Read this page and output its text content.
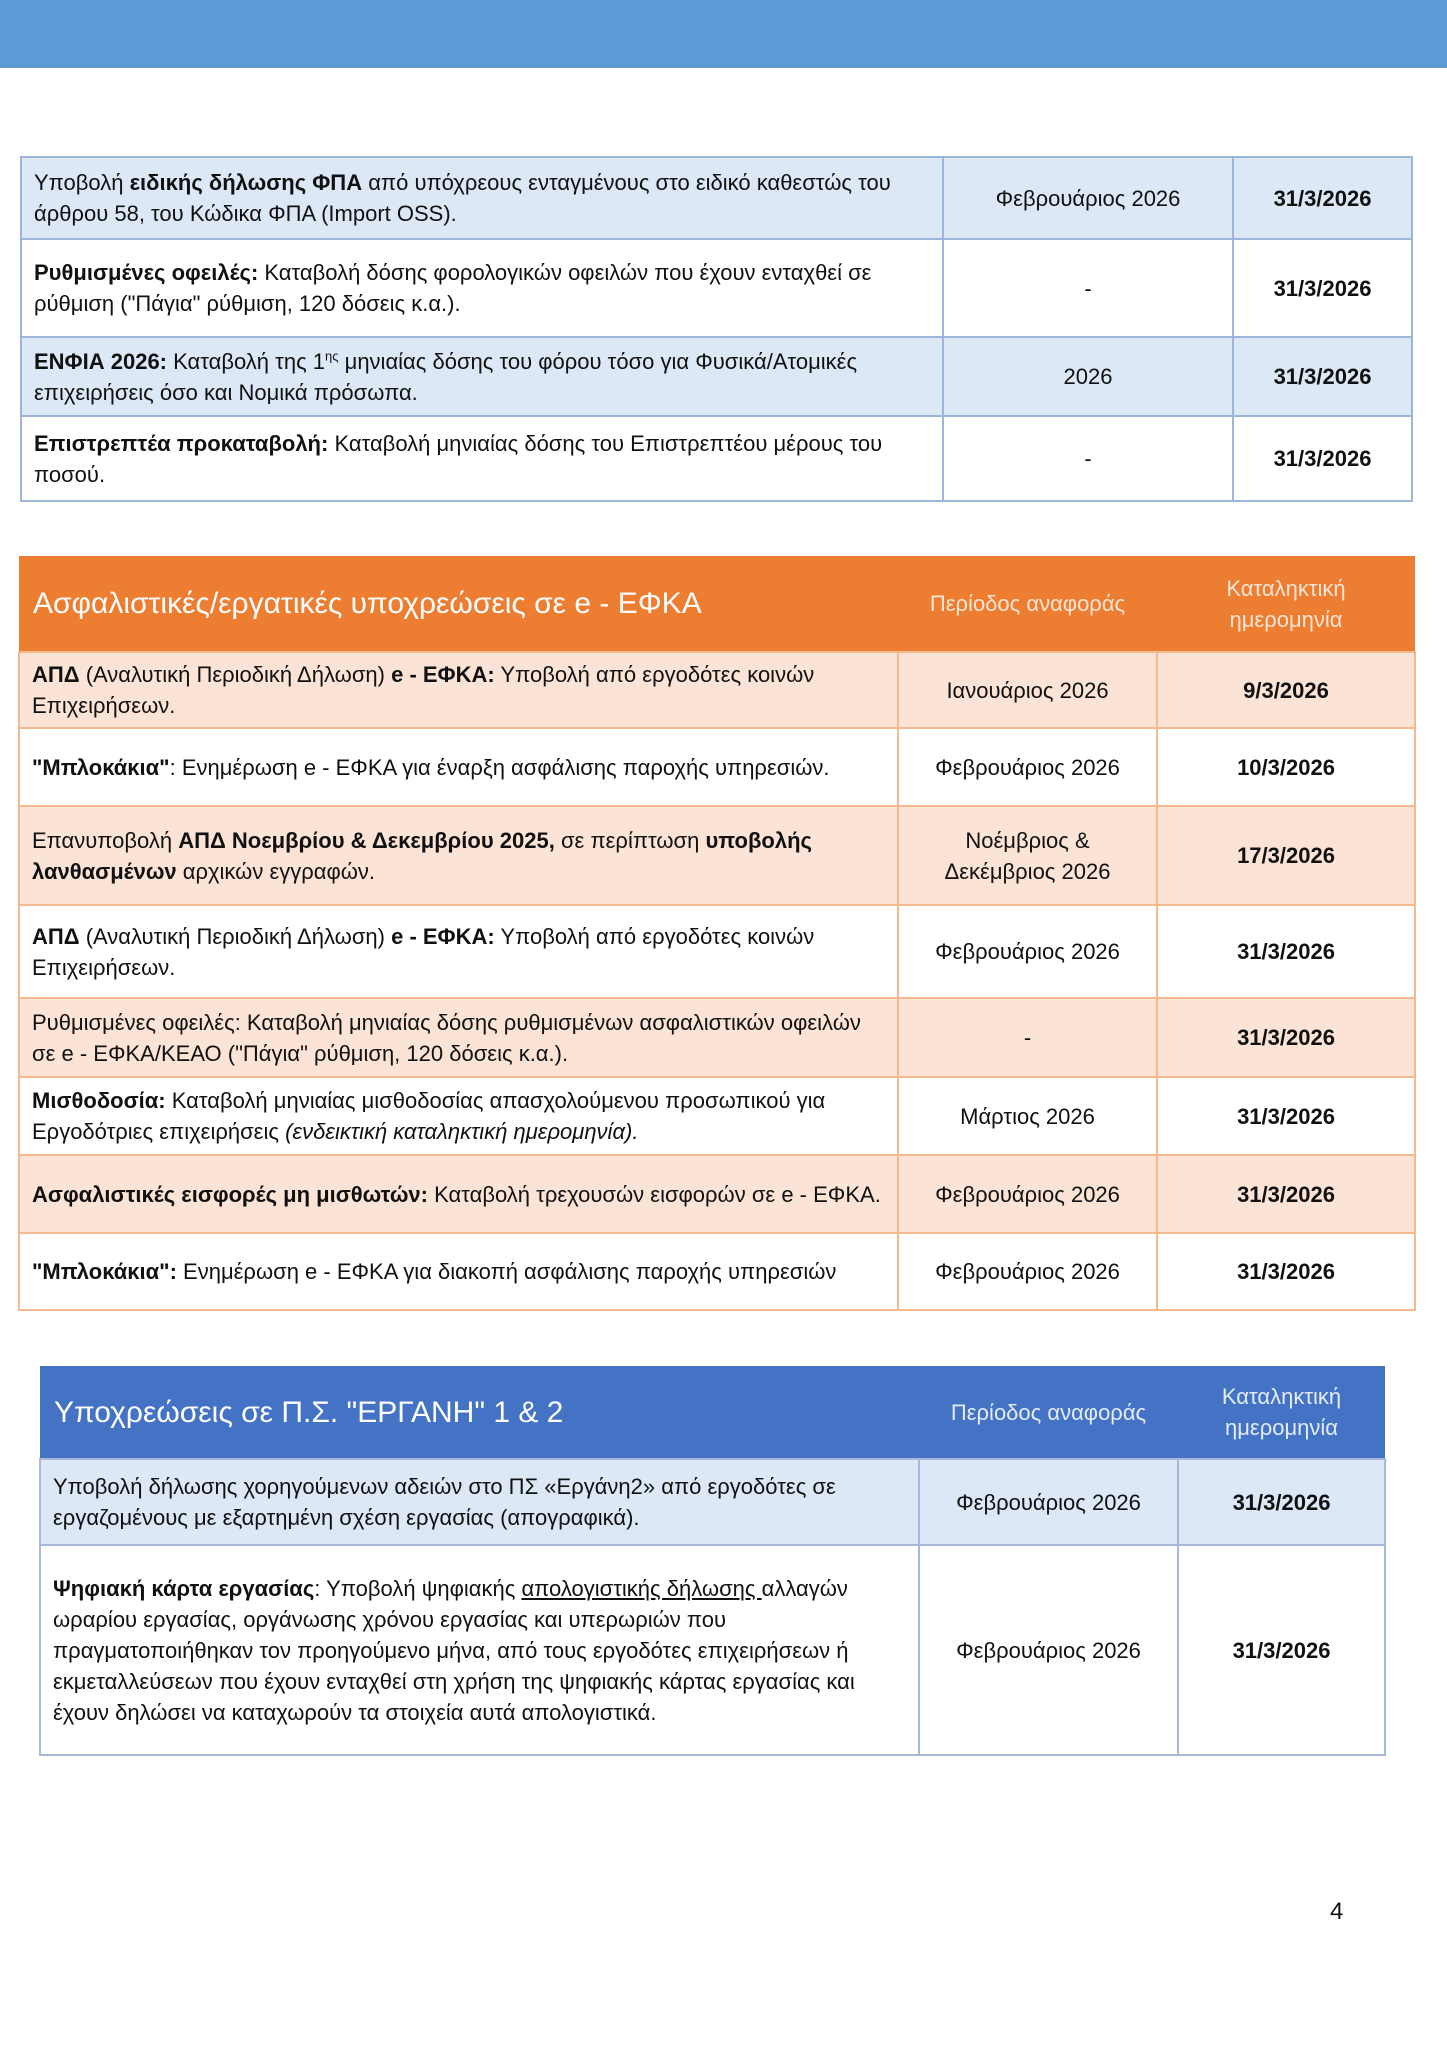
Υποβολή ειδικής δήλωσης ΦΠΑ από υπόχρεους ενταγμένους στο ειδικό καθεστώς του άρθρου 58, του Κώδικα ΦΠΑ (Import OSS).	Φεβρουάριος 2026	31/3/2026
Ρυθμισμένες οφειλές: Καταβολή δόσης φορολογικών οφειλών που έχουν ενταχθεί σε ρύθμιση ("Πάγια" ρύθμιση, 120 δόσεις κ.α.).	-	31/3/2026
ΕΝΦΙΑ 2026: Καταβολή της $1^{\eta\varsigma}$ μηνιαίας δόσης του φόρου τόσο για Φυσικά/Ατομικές επιχειρήσεις όσο και Νομικά πρόσωπα.	2026	31/3/2026
Επιστρεπτέα προκαταβολή: Καταβολή μηνιαίας δόσης του Επιστρεπτέου μέρους του ποσού.	-	31/3/2026
Ασφαλιστικές/εργατικές υποχρεώσεις σε e - ΕΦΚΑ	Περίοδος αναφοράς	Καταληκτική ημερομηνία
ΑΠΔ (Αναλυτική Περιοδική Δήλωση) e - ΕΦΚΑ: Υποβολή από εργοδότες κοινών Επιχειρήσεων.	Ιανουάριος 2026	9/3/2026
"Μπλοκάκια": Ενημέρωση e - ΕΦΚΑ για έναρξη ασφάλισης παροχής υπηρεσιών.	Φεβρουάριος 2026	10/3/2026
Επανυποβολή ΑΠΔ Νοεμβρίου & Δεκεμβρίου 2025, σε περίπτωση υποβολής λανθασμένων αρχικών εγγραφών.	Νοέμβριος & Δεκέμβριος 2026	17/3/2026
ΑΠΔ (Αναλυτική Περιοδική Δήλωση) e - ΕΦΚΑ: Υποβολή από εργοδότες κοινών Επιχειρήσεων.	Φεβρουάριος 2026	31/3/2026
Ρυθμισμένες οφειλές: Καταβολή μηνιαίας δόσης ρυθμισμένων ασφαλιστικών οφειλών σε e - ΕΦΚΑ/ΚΕΑΟ ("Πάγια" ρύθμιση, 120 δόσεις κ.α.).	-	31/3/2026
Μισθοδοσία: Καταβολή μηνιαίας μισθοδοσίας απασχολούμενου προσωπικού για Εργοδότριες επιχειρήσεις (ενδεικτική καταληκτική ημερομηνία).	Μάρτιος 2026	31/3/2026
Ασφαλιστικές εισφορές μη μισθωτών: Καταβολή τρεχουσών εισφορών σε e - ΕΦΚΑ.	Φεβρουάριος 2026	31/3/2026
"Μπλοκάκια": Ενημέρωση e - ΕΦΚΑ για διακοπή ασφάλισης παροχής υπηρεσιών	Φεβρουάριος 2026	31/3/2026
Υποχρεώσεις σε Π.Σ. "ΕΡΓΑΝΗ" 1 & 2	Περίοδος αναφοράς	Καταληκτική ημερομηνία
Υποβολή δήλωσης χορηγούμενων αδειών στο ΠΣ «Εργάνη2» από εργοδότες σε εργαζομένους με εξαρτημένη σχέση εργασίας (απογραφικά).	Φεβρουάριος 2026	31/3/2026
Ψηφιακή κάρτα εργασίας: Υποβολή ψηφιακής απολογιστικής δήλωσης αλλαγών ωραρίου εργασίας, οργάνωσης χρόνου εργασίας και υπερωριών που πραγματοποιήθηκαν τον προηγούμενο μήνα, από τους εργοδότες επιχειρήσεων ή εκμεταλλεύσεων που έχουν ενταχθεί στη χρήση της ψηφιακής κάρτας εργασίας και έχουν δηλώσει να καταχωρούν τα στοιχεία αυτά απολογιστικά.	Φεβρουάριος 2026	31/3/2026
4
